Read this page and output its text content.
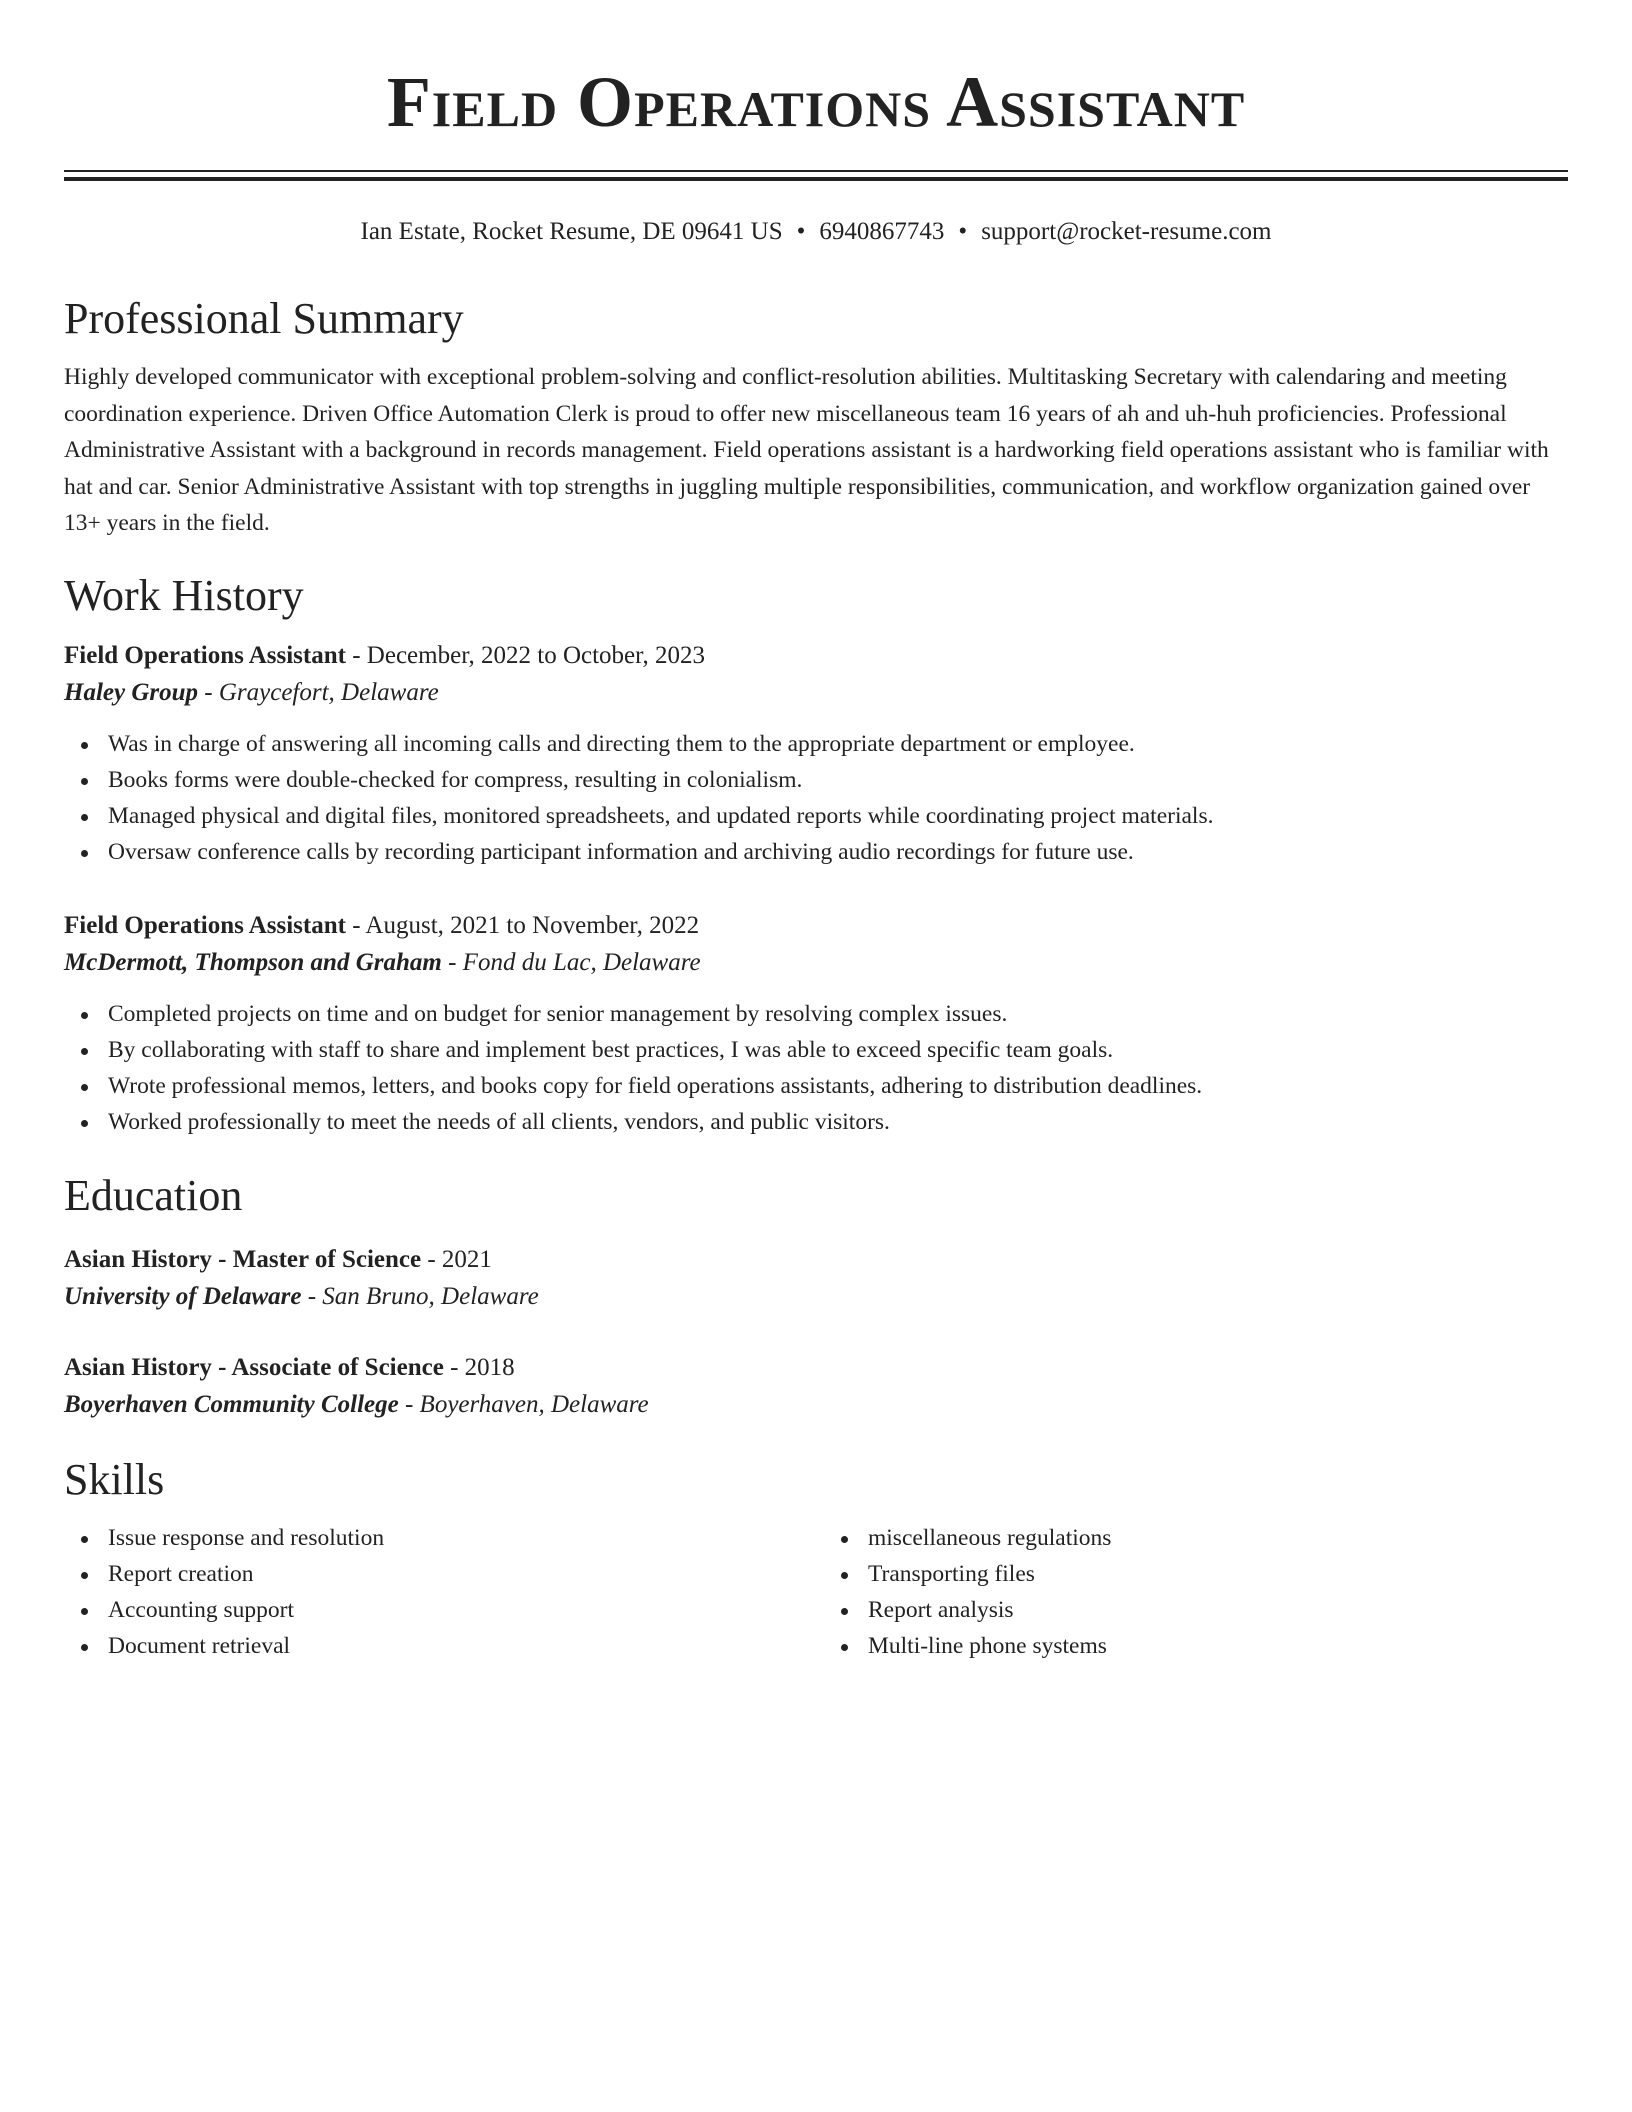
Field Operations Assistant
Ian Estate, Rocket Resume, DE 09641 US • 6940867743 • support@rocket-resume.com
Professional Summary

Highly developed communicator with exceptional problem-solving and conflict-resolution abilities. Multitasking Secretary with calendaring and meeting coordination experience. Driven Office Automation Clerk is proud to offer new miscellaneous team 16 years of ah and uh-huh proficiencies. Professional Administrative Assistant with a background in records management. Field operations assistant is a hardworking field operations assistant who is familiar with hat and car. Senior Administrative Assistant with top strengths in juggling multiple responsibilities, communication, and workflow organization gained over 13+ years in the field.

Work History
Field Operations Assistant - December, 2022 to October, 2023
Haley Group - Graycefort, Delaware
Was in charge of answering all incoming calls and directing them to the appropriate department or employee.
Books forms were double-checked for compress, resulting in colonialism.
Managed physical and digital files, monitored spreadsheets, and updated reports while coordinating project materials.
Oversaw conference calls by recording participant information and archiving audio recordings for future use.
Field Operations Assistant - August, 2021 to November, 2022
McDermott, Thompson and Graham - Fond du Lac, Delaware
Completed projects on time and on budget for senior management by resolving complex issues.
By collaborating with staff to share and implement best practices, I was able to exceed specific team goals.
Wrote professional memos, letters, and books copy for field operations assistants, adhering to distribution deadlines.
Worked professionally to meet the needs of all clients, vendors, and public visitors.
Education
Asian History - Master of Science - 2021
University of Delaware - San Bruno, Delaware
Asian History - Associate of Science - 2018
Boyerhaven Community College - Boyerhaven, Delaware
Skills
Issue response and resolution
Report creation
Accounting support
Document retrieval
miscellaneous regulations
Transporting files
Report analysis
Multi-line phone systems
